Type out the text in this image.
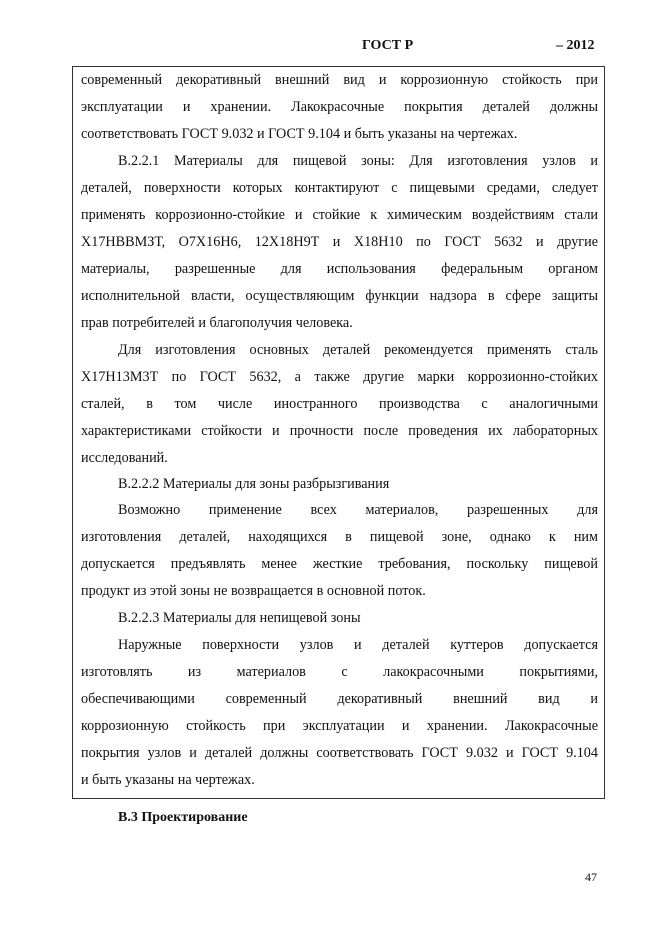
ГОСТ Р	– 2012
современный декоративный внешний вид и коррозионную стойкость при
эксплуатации и хранении. Лакокрасочные покрытия деталей должны
соответствовать ГОСТ 9.032 и ГОСТ 9.104 и быть указаны на чертежах.
В.2.2.1 Материалы для пищевой зоны: Для изготовления узлов и
деталей, поверхности которых контактируют с пищевыми средами, следует
применять коррозионно-стойкие и стойкие к химическим воздействиям стали
Х17НВВМЗТ, О7Х16Н6, 12Х18Н9Т и Х18Н10 по ГОСТ 5632 и другие
материалы, разрешенные для использования федеральным органом
исполнительной власти, осуществляющим функции надзора в сфере защиты
прав потребителей и благополучия человека.
Для изготовления основных деталей рекомендуется применять сталь
Х17Н13М3Т по ГОСТ 5632, а также другие марки коррозионно-стойких
сталей, в том числе иностранного производства с аналогичными
характеристиками стойкости и прочности после проведения их лабораторных
исследований.
В.2.2.2 Материалы для зоны разбрызгивания
Возможно применение всех материалов, разрешенных для
изготовления деталей, находящихся в пищевой зоне, однако к ним
допускается предъявлять менее жесткие требования, поскольку пищевой
продукт из этой зоны не возвращается в основной поток.
В.2.2.3 Материалы для непищевой зоны
Наружные поверхности узлов и деталей куттеров допускается
изготовлять из материалов с лакокрасочными покрытиями,
обеспечивающими современный декоративный внешний вид и
коррозионную стойкость при эксплуатации и хранении. Лакокрасочные
покрытия узлов и деталей должны соответствовать ГОСТ 9.032 и ГОСТ 9.104
и быть указаны на чертежах.
В.3 Проектирование
47
